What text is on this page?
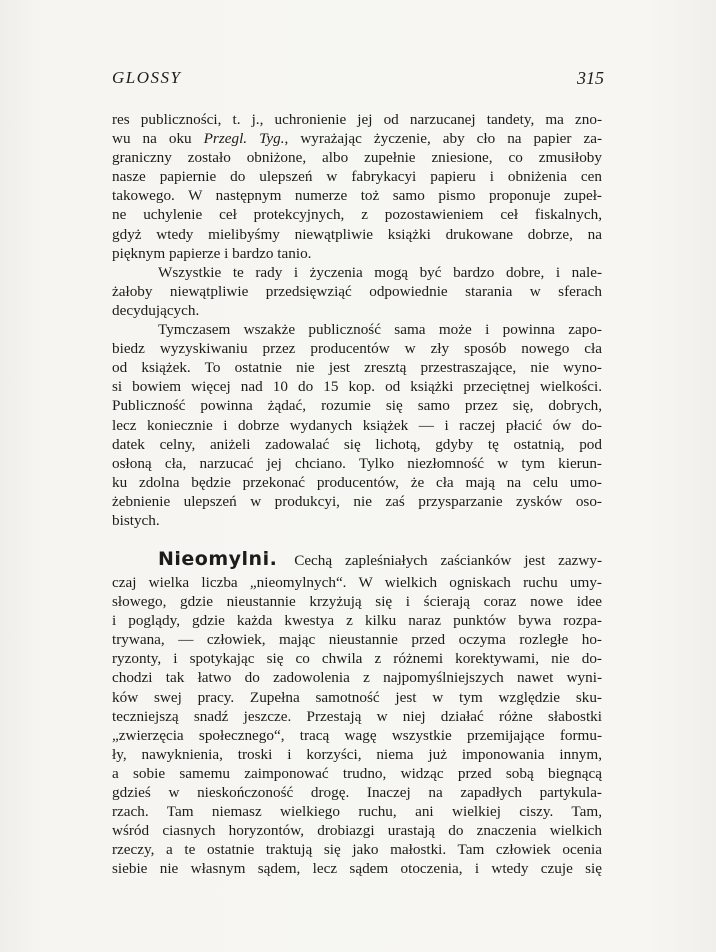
GLOSSY	315
res publiczności, t. j., uchronienie jej od narzucanej tandety, ma zno-
wu na oku Przegl. Tyg., wyrażając życzenie, aby cło na papier za-
graniczny zostało obniżone, albo zupełnie zniesione, co zmusiłoby
nasze papiernie do ulepszeń w fabrykacyi papieru i obniżenia cen
takowego. W następnym numerze toż samo pismo proponuje zupeł-
ne uchylenie ceł protekcyjnych, z pozostawieniem ceł fiskalnych,
gdyż wtedy mielibyśmy niewątpliwie książki drukowane dobrze, na
pięknym papierze i bardzo tanio.
Wszystkie te rady i życzenia mogą być bardzo dobre, i nale-
żałoby niewątpliwie przedsięwziąć odpowiednie starania w sferach
decydujących.
Tymczasem wszakże publiczność sama może i powinna zapo-
biedz wyzyskiwaniu przez producentów w zły sposób nowego cła
od książek. To ostatnie nie jest zresztą przestraszające, nie wyno-
si bowiem więcej nad 10 do 15 kop. od książki przeciętnej wielkości.
Publiczność powinna żądać, rozumie się samo przez się, dobrych,
lecz koniecznie i dobrze wydanych książek — i raczej płacić ów do-
datek celny, aniżeli zadowalać się lichotą, gdyby tę ostatnią, pod
osłoną cła, narzucać jej chciano. Tylko niezłomność w tym kierun-
ku zdolna będzie przekonać producentów, że cła mają na celu umo-
żebnienie ulepszeń w produkcyi, nie zaś przysparzanie zysków oso-
bistych.
Nieomylni. Cechą zapleśniałych zaścianków jest zazwy-
czaj wielka liczba „nieomylnych“. W wielkich ogniskach ruchu umy-
słowego, gdzie nieustannie krzyżują się i ścierają coraz nowe idee
i poglądy, gdzie każda kwestya z kilku naraz punktów bywa rozpa-
trywana, — człowiek, mając nieustannie przed oczyma rozległe ho-
ryzonty, i spotykając się co chwila z różnemi korektywami, nie do-
chodzi tak łatwo do zadowolenia z najpomyślniejszych nawet wyni-
ków swej pracy. Zupełna samotność jest w tym względzie sku-
teczniejszą snadź jeszcze. Przestają w niej działać różne słabostki
„zwierzęcia społecznego“, tracą wagę wszystkie przemijające formu-
ły, nawyknienia, troski i korzyści, niema już imponowania innym,
a sobie samemu zaimponować trudno, widząc przed sobą biegnącą
gdzieś w nieskończoność drogę. Inaczej na zapadłych partykula-
rzach. Tam niemasz wielkiego ruchu, ani wielkiej ciszy. Tam,
wśród ciasnych horyzontów, drobiazgi urastają do znaczenia wielkich
rzeczy, a te ostatnie traktują się jako małostki. Tam człowiek ocenia
siebie nie własnym sądem, lecz sądem otoczenia, i wtedy czuje się
